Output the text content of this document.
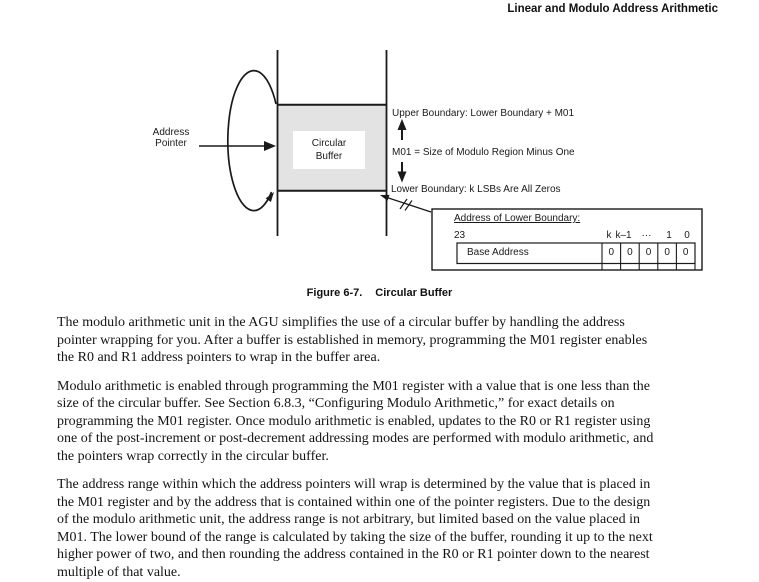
Linear and Modulo Address Arithmetic
Address
Pointer	Circular
Buffer
Upper Boundary: Lower Boundary + M01
M01 = Size of Modulo Region Minus One
Lower Boundary: k LSBs Are All Zeros
Address of Lower Boundary:
23	k k–1 ··· 1 0
Base Address	0 0 0 0 0
Figure 6-7. Circular Buffer
The modulo arithmetic unit in the AGU simplifies the use of a circular buffer by handling the address
pointer wrapping for you. After a buffer is established in memory, programming the M01 register enables
the R0 and R1 address pointers to wrap in the buffer area.
Modulo arithmetic is enabled through programming the M01 register with a value that is one less than the
size of the circular buffer. See Section 6.8.3, “Configuring Modulo Arithmetic,” for exact details on
programming the M01 register. Once modulo arithmetic is enabled, updates to the R0 or R1 register using
one of the post-increment or post-decrement addressing modes are performed with modulo arithmetic, and
the pointers wrap correctly in the circular buffer.
The address range within which the address pointers will wrap is determined by the value that is placed in
the M01 register and by the address that is contained within one of the pointer registers. Due to the design
of the modulo arithmetic unit, the address range is not arbitrary, but limited based on the value placed in
M01. The lower bound of the range is calculated by taking the size of the buffer, rounding it up to the next
higher power of two, and then rounding the address contained in the R0 or R1 pointer down to the nearest
multiple of that value.
